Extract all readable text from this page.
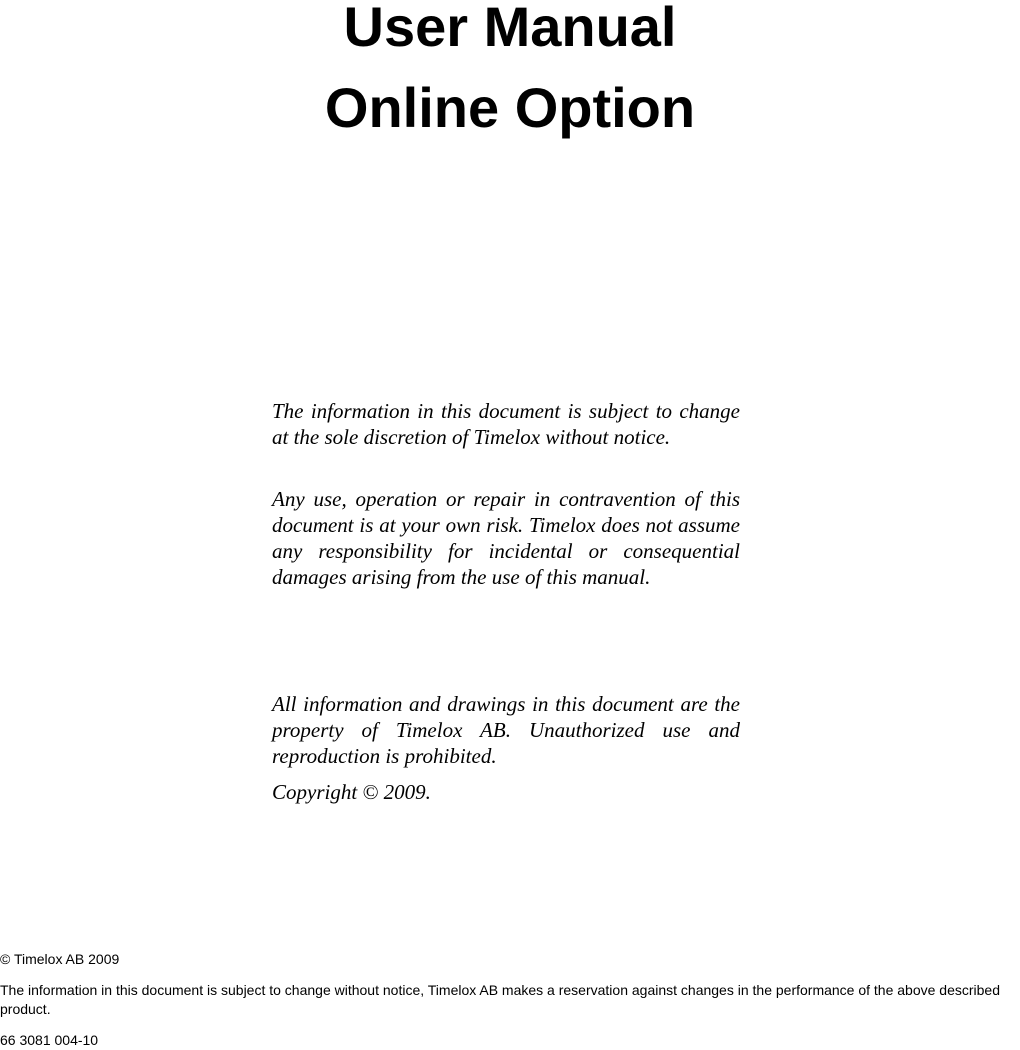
User Manual
Online Option

The information in this document is subject to change at the sole discretion of Timelox without notice.

Any use, operation or repair in contravention of this document is at your own risk. Timelox does not assume any responsibility for incidental or consequential damages arising from the use of this manual.

All information and drawings in this document are the property of Timelox AB. Unauthorized use and reproduction is prohibited.

Copyright © 2009.

© Timelox AB 2009

The information in this document is subject to change without notice, Timelox AB makes a reservation against changes in the performance of the above described product.

66 3081 004-10
